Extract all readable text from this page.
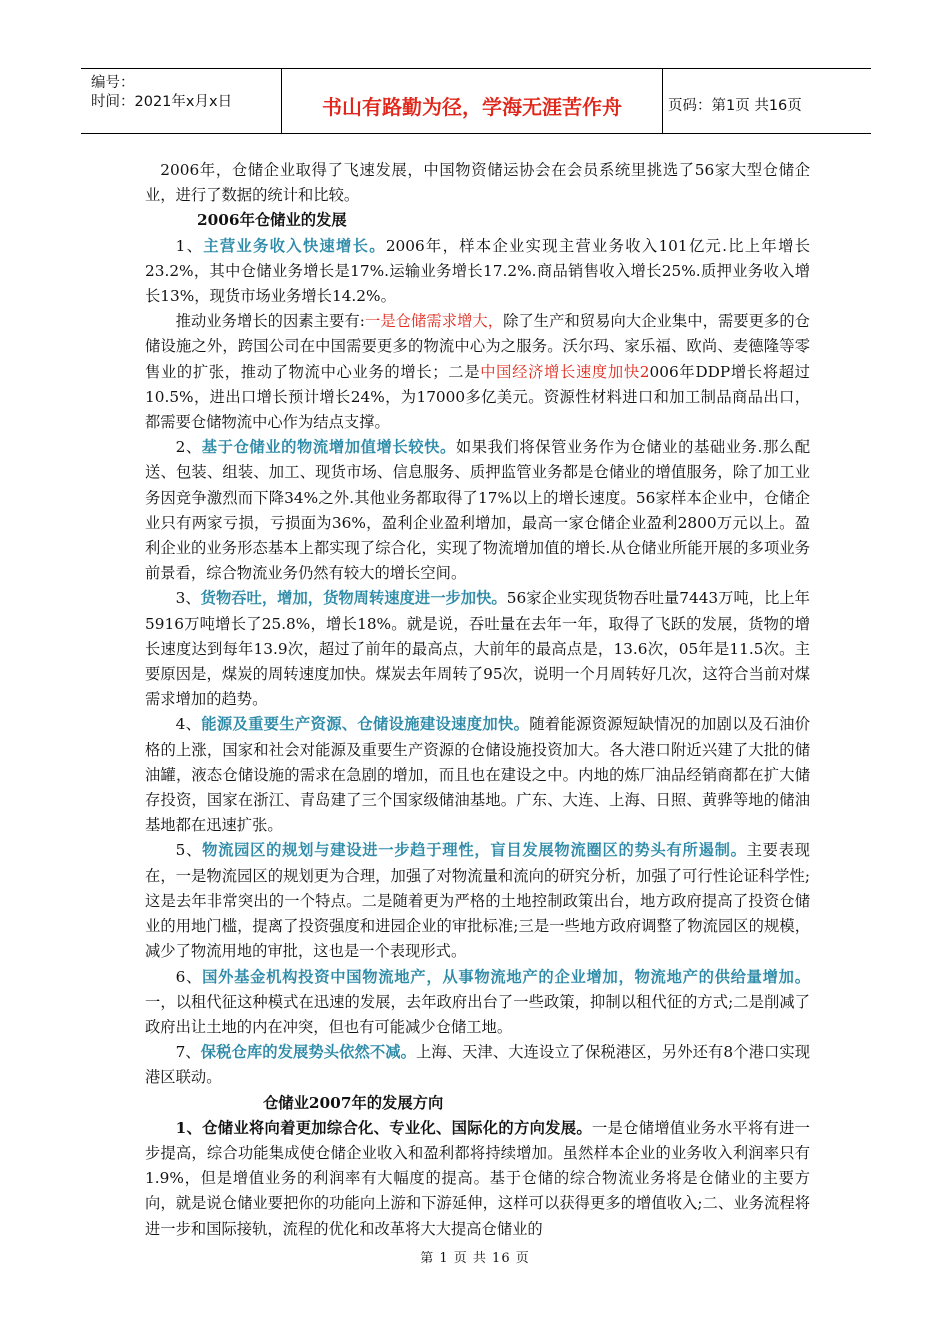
编号：
时间：2021年x月x日	书山有路勤为径，学海无涯苦作舟	页码：第1页 共16页

2006年，仓储企业取得了飞速发展，中国物资储运协会在会员系统里挑选了56家大型仓储企业，进行了数据的统计和比较。

2006年仓储业的发展

1、主营业务收入快速增长。2006年，样本企业实现主营业务收入101亿元.比上年增长23.2%，其中仓储业务增长是17%.运输业务增长17.2%.商品销售收入增长25%.质押业务收入增长13%，现货市场业务增长14.2%。

推动业务增长的因素主要有:一是仓储需求增大，除了生产和贸易向大企业集中，需要更多的仓储设施之外，跨国公司在中国需要更多的物流中心为之服务。沃尔玛、家乐福、欧尚、麦德隆等零售业的扩张，推动了物流中心业务的增长；二是中国经济增长速度加快2006年DDP增长将超过10.5%，进出口增长预计增长24%，为17000多亿美元。资源性材料进口和加工制品商品出口，都需要仓储物流中心作为结点支撑。

2、基于仓储业的物流增加值增长较快。如果我们将保管业务作为仓储业的基础业务.那么配送、包装、组装、加工、现货市场、信息服务、质押监管业务都是仓储业的增值服务，除了加工业务因竞争激烈而下降34%之外.其他业务都取得了17%以上的增长速度。56家样本企业中，仓储企业只有两家亏损，亏损面为36%，盈利企业盈利增加，最高一家仓储企业盈利2800万元以上。盈利企业的业务形态基本上都实现了综合化，实现了物流增加值的增长.从仓储业所能开展的多项业务前景看，综合物流业务仍然有较大的增长空间。

3、货物吞吐，增加，货物周转速度进一步加快。56家企业实现货物吞吐量7443万吨，比上年5916万吨增长了25.8%，增长18%。就是说，吞吐量在去年一年，取得了飞跃的发展，货物的增长速度达到每年13.9次，超过了前年的最高点，大前年的最高点是，13.6次，05年是11.5次。主要原因是，煤炭的周转速度加快。煤炭去年周转了95次，说明一个月周转好几次，这符合当前对煤需求增加的趋势。

4、能源及重要生产资源、仓储设施建设速度加快。随着能源资源短缺情况的加剧以及石油价格的上涨，国家和社会对能源及重要生产资源的仓储设施投资加大。各大港口附近兴建了大批的储油罐，液态仓储设施的需求在急剧的增加，而且也在建设之中。内地的炼厂油品经销商都在扩大储存投资，国家在浙江、青岛建了三个国家级储油基地。广东、大连、上海、日照、黄骅等地的储油基地都在迅速扩张。

5、物流园区的规划与建设进一步趋于理性，盲目发展物流圈区的势头有所遏制。主要表现在，一是物流园区的规划更为合理，加强了对物流量和流向的研究分析，加强了可行性论证科学性;这是去年非常突出的一个特点。二是随着更为严格的土地控制政策出台，地方政府提高了投资仓储业的用地门槛，提离了投资强度和进园企业的审批标准;三是一些地方政府调整了物流园区的规模，减少了物流用地的审批，这也是一个表现形式。

6、国外基金机构投资中国物流地产，从事物流地产的企业增加，物流地产的供给量增加。一，以租代征这种模式在迅速的发展，去年政府出台了一些政策，抑制以租代征的方式;二是削减了政府出让土地的内在冲突，但也有可能减少仓储工地。

7、保税仓库的发展势头依然不减。上海、天津、大连设立了保税港区，另外还有8个港口实现港区联动。

仓储业2007年的发展方向

1、仓储业将向着更加综合化、专业化、国际化的方向发展。一是仓储增值业务水平将有进一步提高，综合功能集成使仓储企业收入和盈利都将持续增加。虽然样本企业的业务收入利润率只有1.9%，但是增值业务的利润率有大幅度的提高。基于仓储的综合物流业务将是仓储业的主要方向，就是说仓储业要把你的功能向上游和下游延伸，这样可以获得更多的增值收入;二、业务流程将进一步和国际接轨，流程的优化和改革将大大提高仓储业的

第 1 页 共 16 页
